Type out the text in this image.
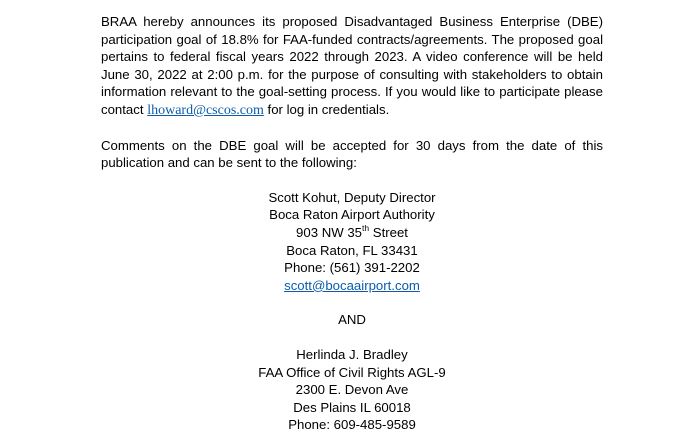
BRAA hereby announces its proposed Disadvantaged Business Enterprise (DBE) participation goal of 18.8% for FAA-funded contracts/agreements. The proposed goal pertains to federal fiscal years 2022 through 2023. A video conference will be held June 30, 2022 at 2:00 p.m. for the purpose of consulting with stakeholders to obtain information relevant to the goal-setting process. If you would like to participate please contact lhoward@cscos.com for log in credentials.

Comments on the DBE goal will be accepted for 30 days from the date of this publication and can be sent to the following:

Scott Kohut, Deputy Director
Boca Raton Airport Authority
903 NW 35th Street
Boca Raton, FL 33431
Phone: (561) 391-2202
scott@bocaairport.com
AND
Herlinda J. Bradley
FAA Office of Civil Rights AGL-9
2300 E. Devon Ave
Des Plains IL 60018
Phone: 609-485-9589
